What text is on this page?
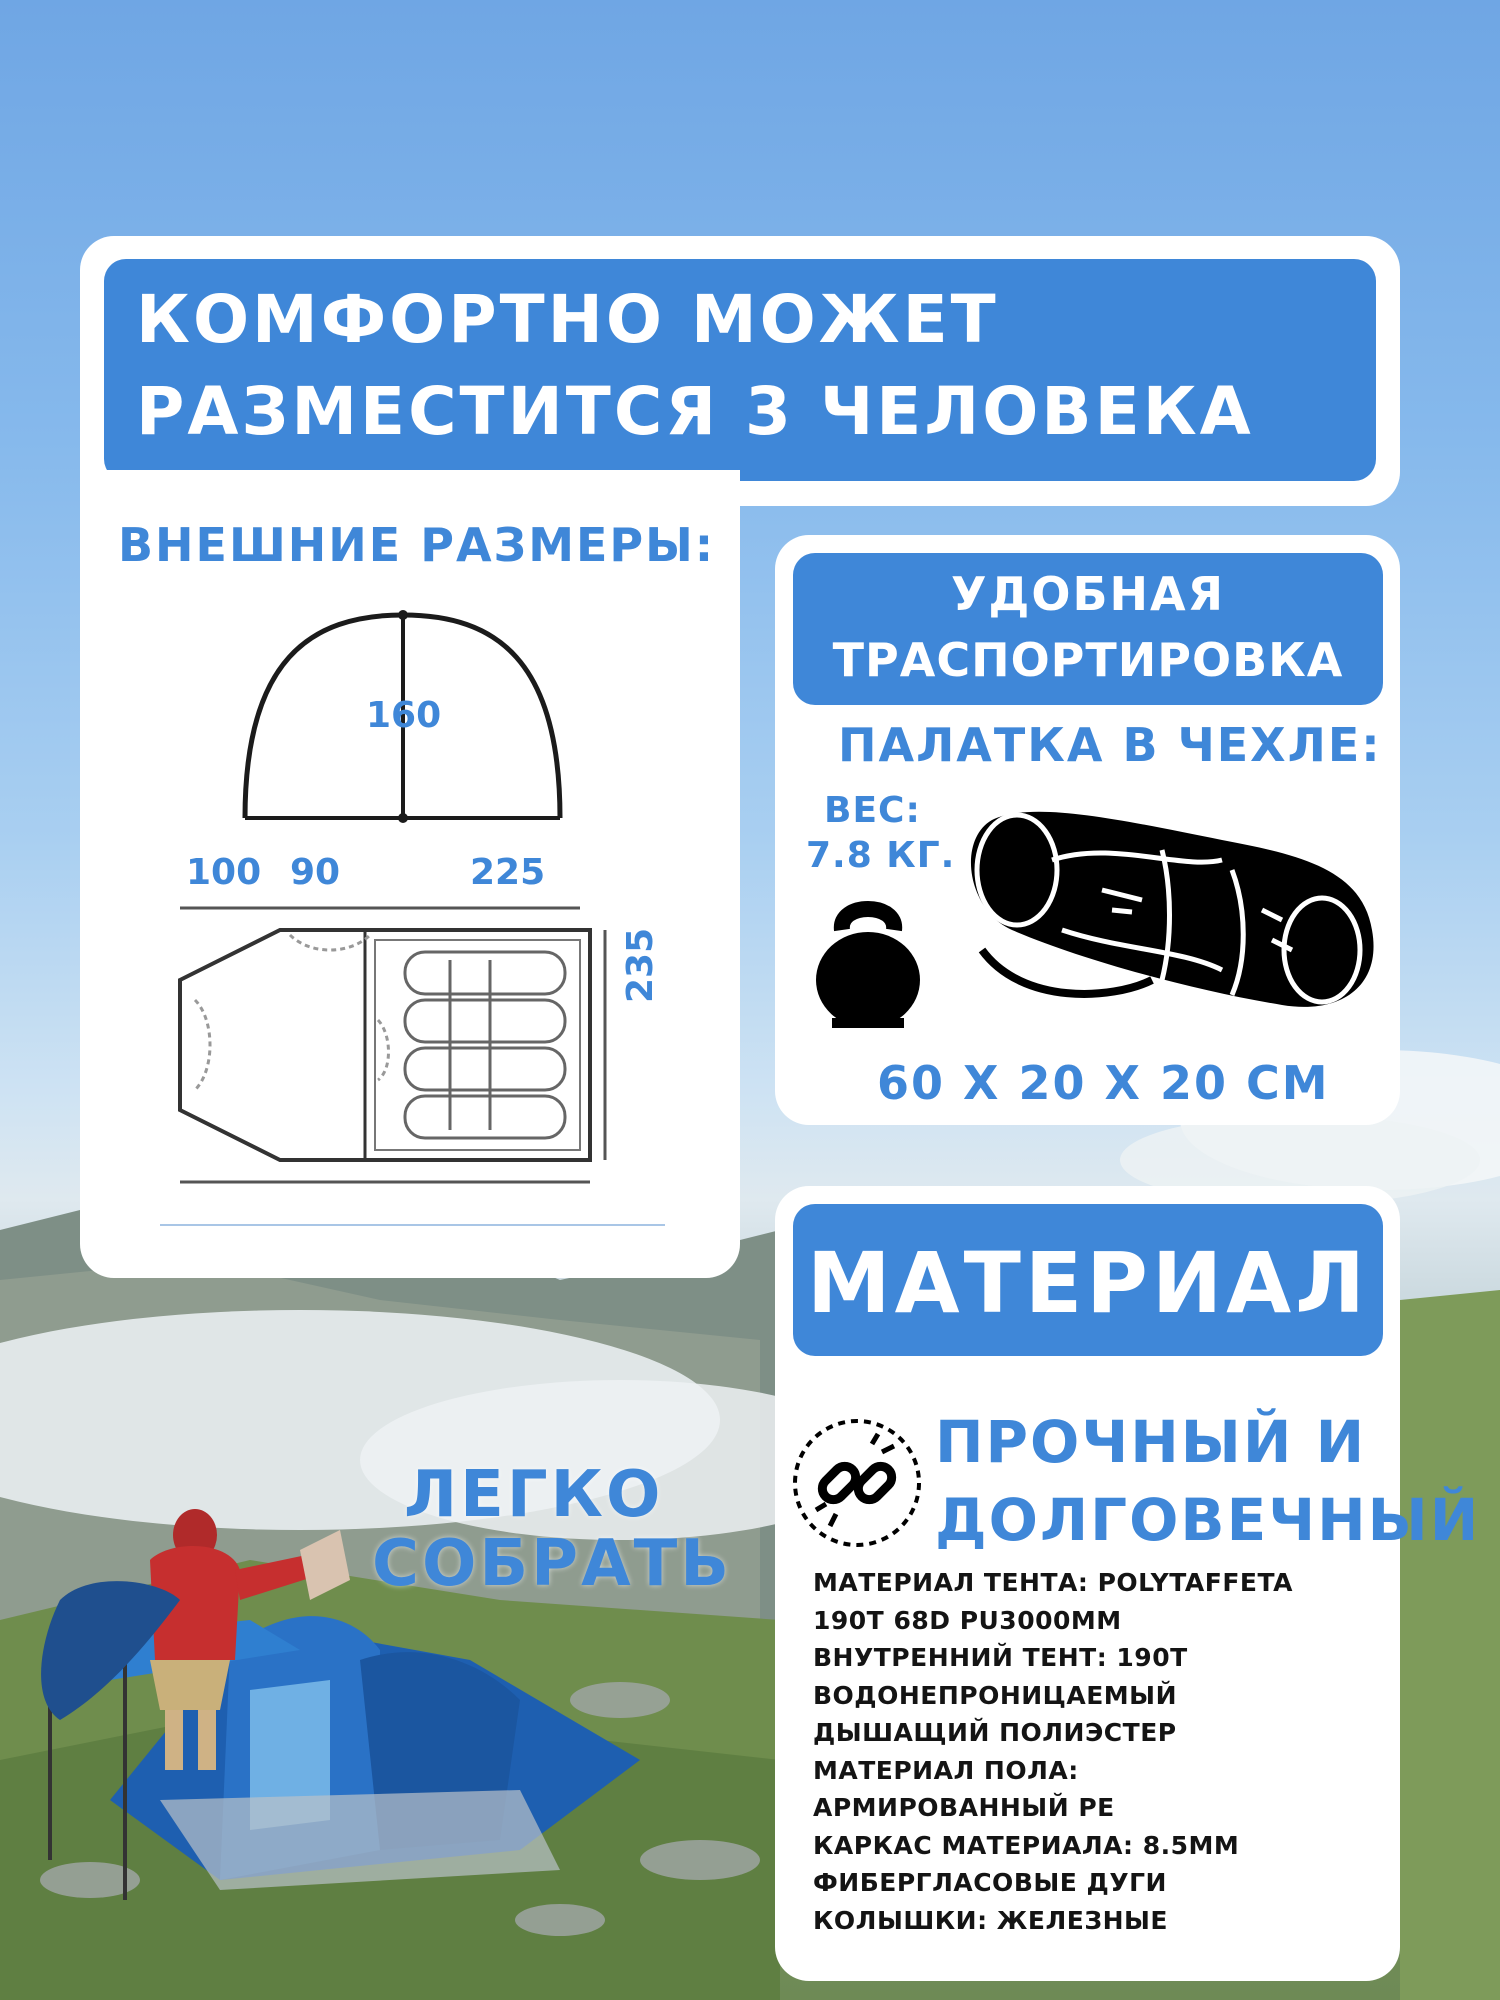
КОМФОРТНО МОЖЕТ
РАЗМЕСТИТСЯ 3 ЧЕЛОВЕКА
ВНЕШНИЕ РАЗМЕРЫ:
160
100 90	225
235
УДОБНАЯ
ТРАСПОРТИРОВКА
ПАЛАТКА В ЧЕХЛЕ:
ВЕС:
7.8 КГ.
60 X 20 X 20 CM
МАТЕРИАЛ
ПРОЧНЫЙ И
ДОЛГОВЕЧНЫЙ
МАТЕРИАЛ ТЕНТА: POLYTAFFETA
190T 68D PU3000MM
ВНУТРЕННИЙ ТЕНТ: 190T
ВОДОНЕПРОНИЦАЕМЫЙ
ДЫШАЩИЙ ПОЛИЭСТЕР
МАТЕРИАЛ ПОЛА:
АРМИРОВАННЫЙ PE
КАРКАС МАТЕРИАЛА: 8.5MM
ФИБЕРГЛАСОВЫЕ ДУГИ
КОЛЫШКИ: ЖЕЛЕЗНЫЕ
ЛЕГКО
СОБРАТЬ
